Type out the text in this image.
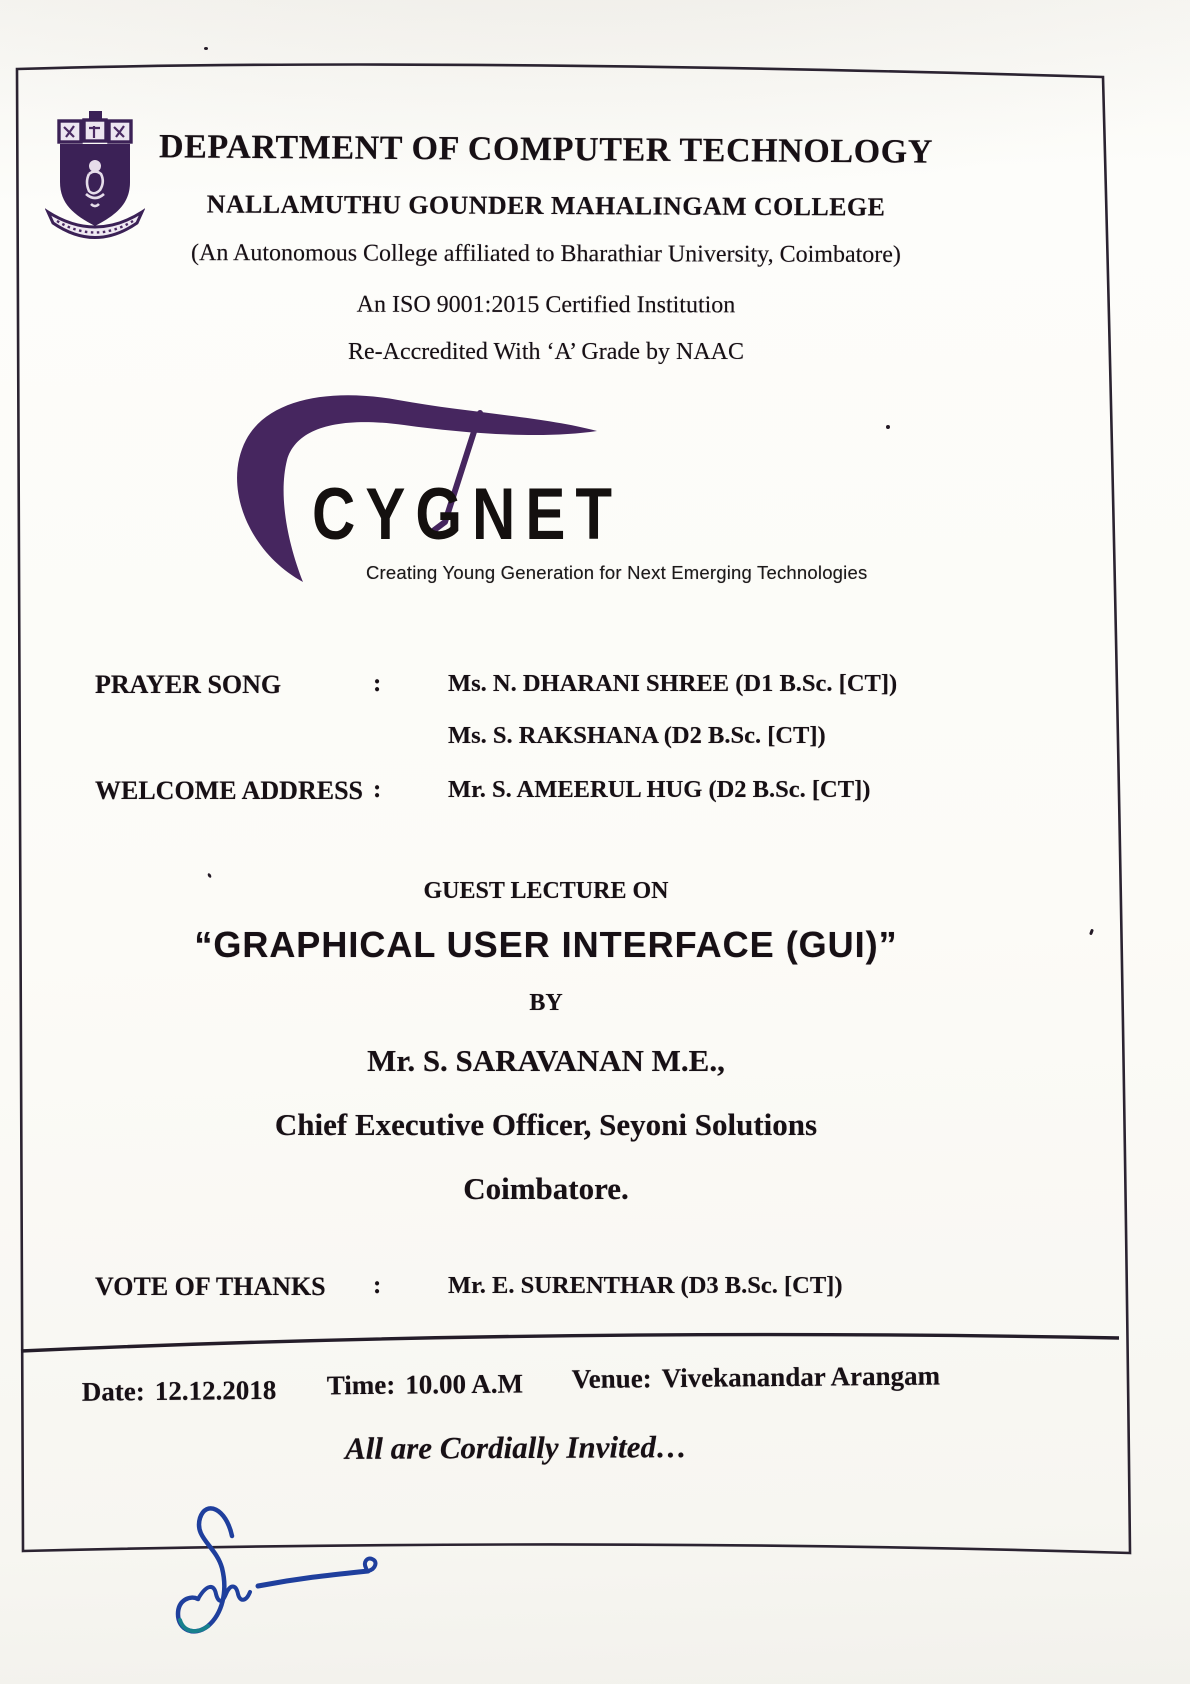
DEPARTMENT OF COMPUTER TECHNOLOGY
NALLAMUTHU GOUNDER MAHALINGAM COLLEGE
(An Autonomous College affiliated to Bharathiar University, Coimbatore)
An ISO 9001:2015 Certified Institution
Re-Accredited With ‘A’ Grade by NAAC
CYGNET
Creating Young Generation for Next Emerging Technologies
PRAYER SONG	:	Ms. N. DHARANI SHREE (D1 B.Sc. [CT])
Ms. S. RAKSHANA (D2 B.Sc. [CT])
WELCOME ADDRESS :	Mr. S. AMEERUL HUG (D2 B.Sc. [CT])
GUEST LECTURE ON
“GRAPHICAL USER INTERFACE (GUI)”
BY
Mr. S. SARAVANAN M.E.,
Chief Executive Officer, Seyoni Solutions
Coimbatore.
VOTE OF THANKS :	Mr. E. SURENTHAR (D3 B.Sc. [CT])
Date: 12.12.2018 Time: 10.00 A.M Venue: Vivekanandar Arangam
All are Cordially Invited…
